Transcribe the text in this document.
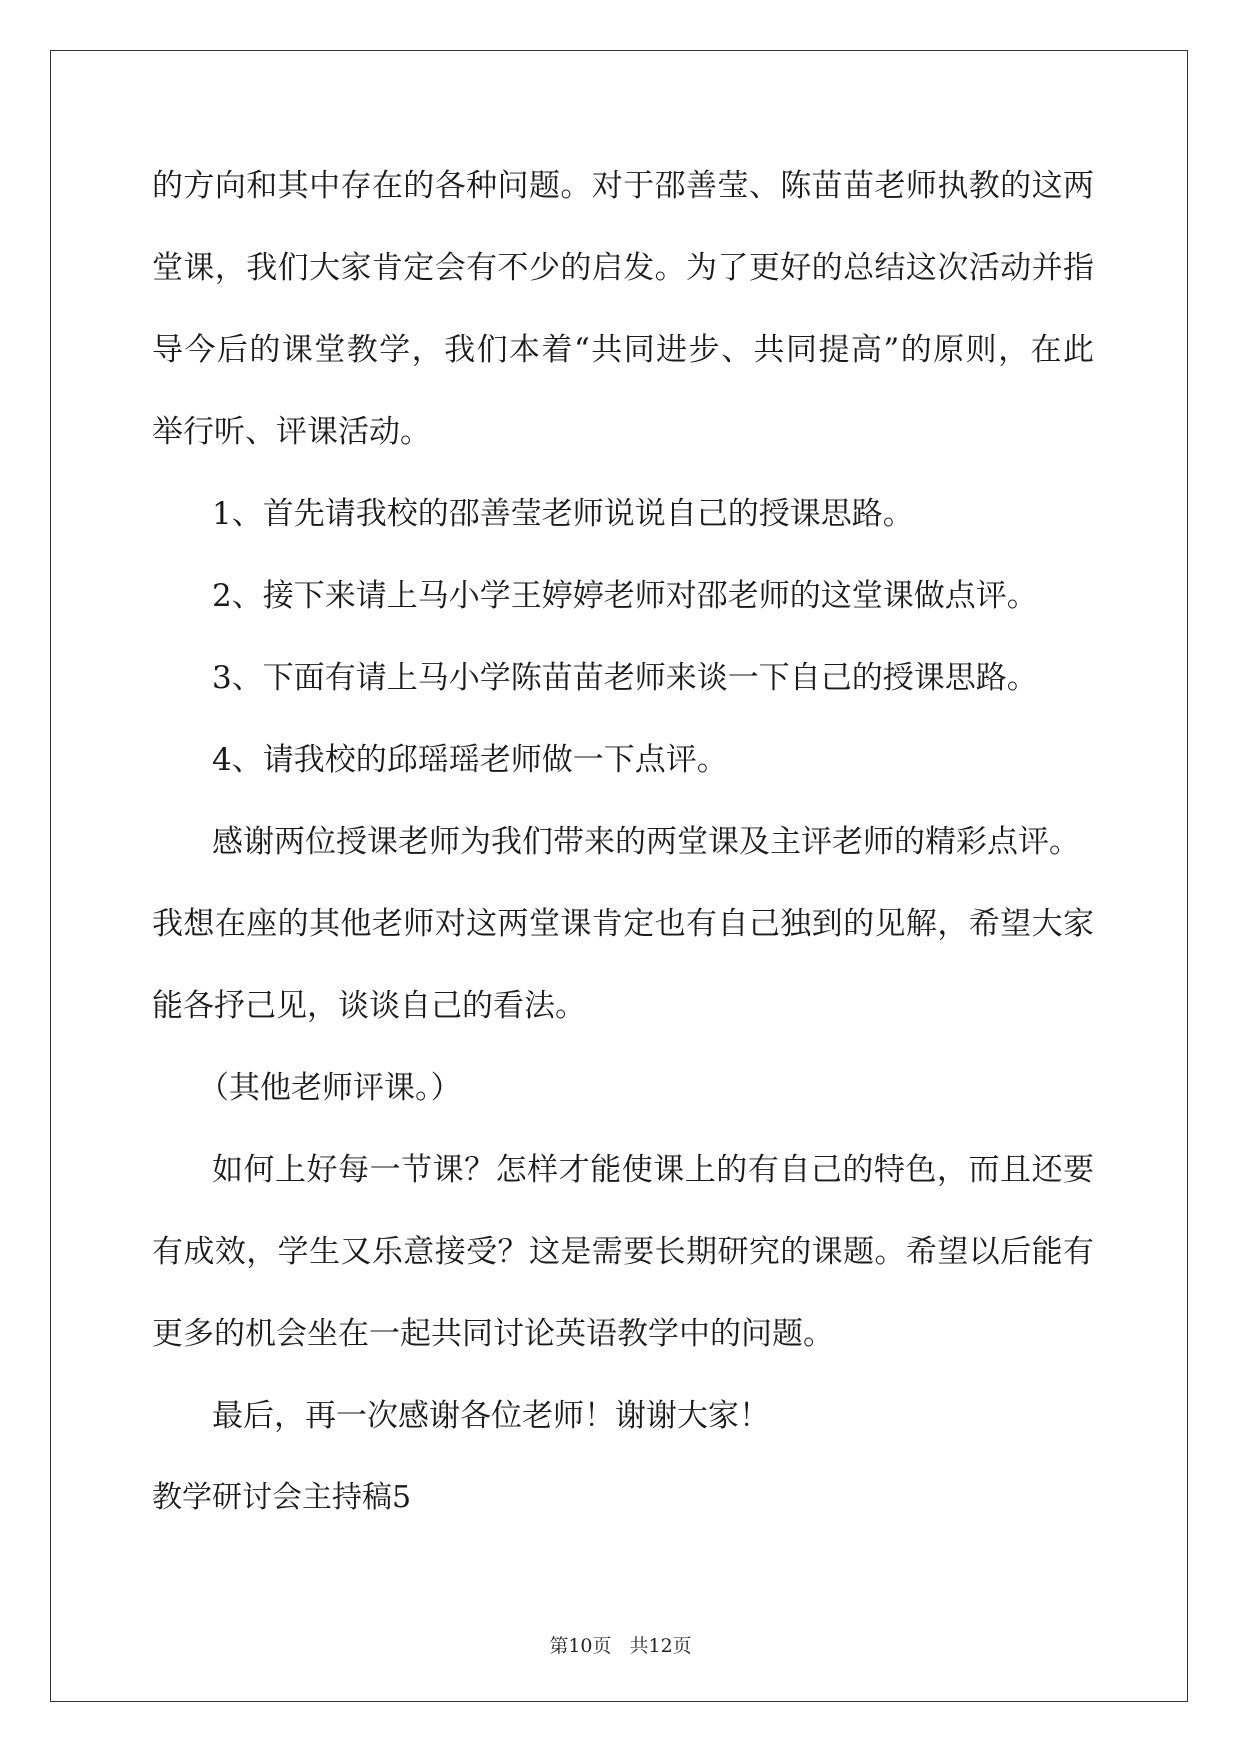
的方向和其中存在的各种问题。对于邵善莹、陈苗苗老师执教的这两
堂课，我们大家肯定会有不少的启发。为了更好的总结这次活动并指
导今后的课堂教学，我们本着“共同进步、共同提高”的原则，在此
举行听、评课活动。
1、首先请我校的邵善莹老师说说自己的授课思路。
2、接下来请上马小学王婷婷老师对邵老师的这堂课做点评。
3、下面有请上马小学陈苗苗老师来谈一下自己的授课思路。
4、请我校的邱瑶瑶老师做一下点评。
感谢两位授课老师为我们带来的两堂课及主评老师的精彩点评。
我想在座的其他老师对这两堂课肯定也有自己独到的见解，希望大家
能各抒己见，谈谈自己的看法。
（其他老师评课。）
如何上好每一节课？怎样才能使课上的有自己的特色，而且还要
有成效，学生又乐意接受？这是需要长期研究的课题。希望以后能有
更多的机会坐在一起共同讨论英语教学中的问题。
最后，再一次感谢各位老师！谢谢大家！
教学研讨会主持稿5
第10页 共12页
